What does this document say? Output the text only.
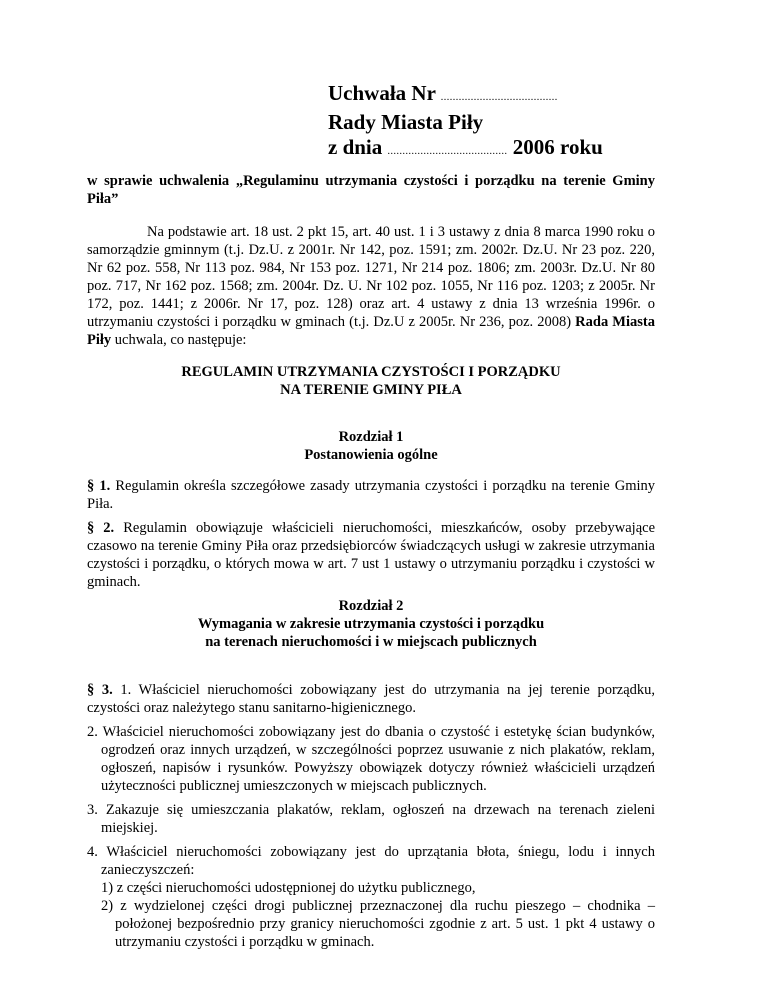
Uchwała Nr .......................................
Rady Miasta Piły
z dnia ........................................ 2006 roku

w sprawie uchwalenia „Regulaminu utrzymania czystości i porządku na terenie Gminy Piła”

Na podstawie art. 18 ust. 2 pkt 15, art. 40 ust. 1 i 3 ustawy z dnia 8 marca 1990 roku o samorządzie gminnym (t.j. Dz.U. z 2001r. Nr 142, poz. 1591; zm. 2002r. Dz.U. Nr 23 poz. 220, Nr 62 poz. 558, Nr 113 poz. 984, Nr 153 poz. 1271, Nr 214 poz. 1806; zm. 2003r. Dz.U. Nr 80 poz. 717, Nr 162 poz. 1568; zm. 2004r. Dz. U. Nr 102 poz. 1055, Nr 116 poz. 1203; z 2005r. Nr 172, poz. 1441; z 2006r. Nr 17, poz. 128) oraz art. 4 ustawy z dnia 13 września 1996r. o utrzymaniu czystości i porządku w gminach (t.j. Dz.U z 2005r. Nr 236, poz. 2008) Rada Miasta Piły uchwala, co następuje:

REGULAMIN UTRZYMANIA CZYSTOŚCI I PORZĄDKU
NA TERENIE GMINY PIŁA
Rozdział 1
Postanowienia ogólne

§ 1. Regulamin określa szczegółowe zasady utrzymania czystości i porządku na terenie Gminy Piła.

§ 2. Regulamin obowiązuje właścicieli nieruchomości, mieszkańców, osoby przebywające czasowo na terenie Gminy Piła oraz przedsiębiorców świadczących usługi w zakresie utrzymania czystości i porządku, o których mowa w art. 7 ust 1 ustawy o utrzymaniu porządku i czystości w gminach.

Rozdział 2
Wymagania w zakresie utrzymania czystości i porządku
na terenach nieruchomości i w miejscach publicznych

§ 3. 1. Właściciel nieruchomości zobowiązany jest do utrzymania na jej terenie porządku, czystości oraz należytego stanu sanitarno-higienicznego.

2. Właściciel nieruchomości zobowiązany jest do dbania o czystość i estetykę ścian budynków, ogrodzeń oraz innych urządzeń, w szczególności poprzez usuwanie z nich plakatów, reklam, ogłoszeń, napisów i rysunków. Powyższy obowiązek dotyczy również właścicieli urządzeń użyteczności publicznej umieszczonych w miejscach publicznych.

3. Zakazuje się umieszczania plakatów, reklam, ogłoszeń na drzewach na terenach zieleni miejskiej.

4. Właściciel nieruchomości zobowiązany jest do uprzątania błota, śniegu, lodu i innych zanieczyszczeń:

1) z części nieruchomości udostępnionej do użytku publicznego,
2) z wydzielonej części drogi publicznej przeznaczonej dla ruchu pieszego – chodnika – położonej bezpośrednio przy granicy nieruchomości zgodnie z art. 5 ust. 1 pkt 4 ustawy o utrzymaniu czystości i porządku w gminach.
